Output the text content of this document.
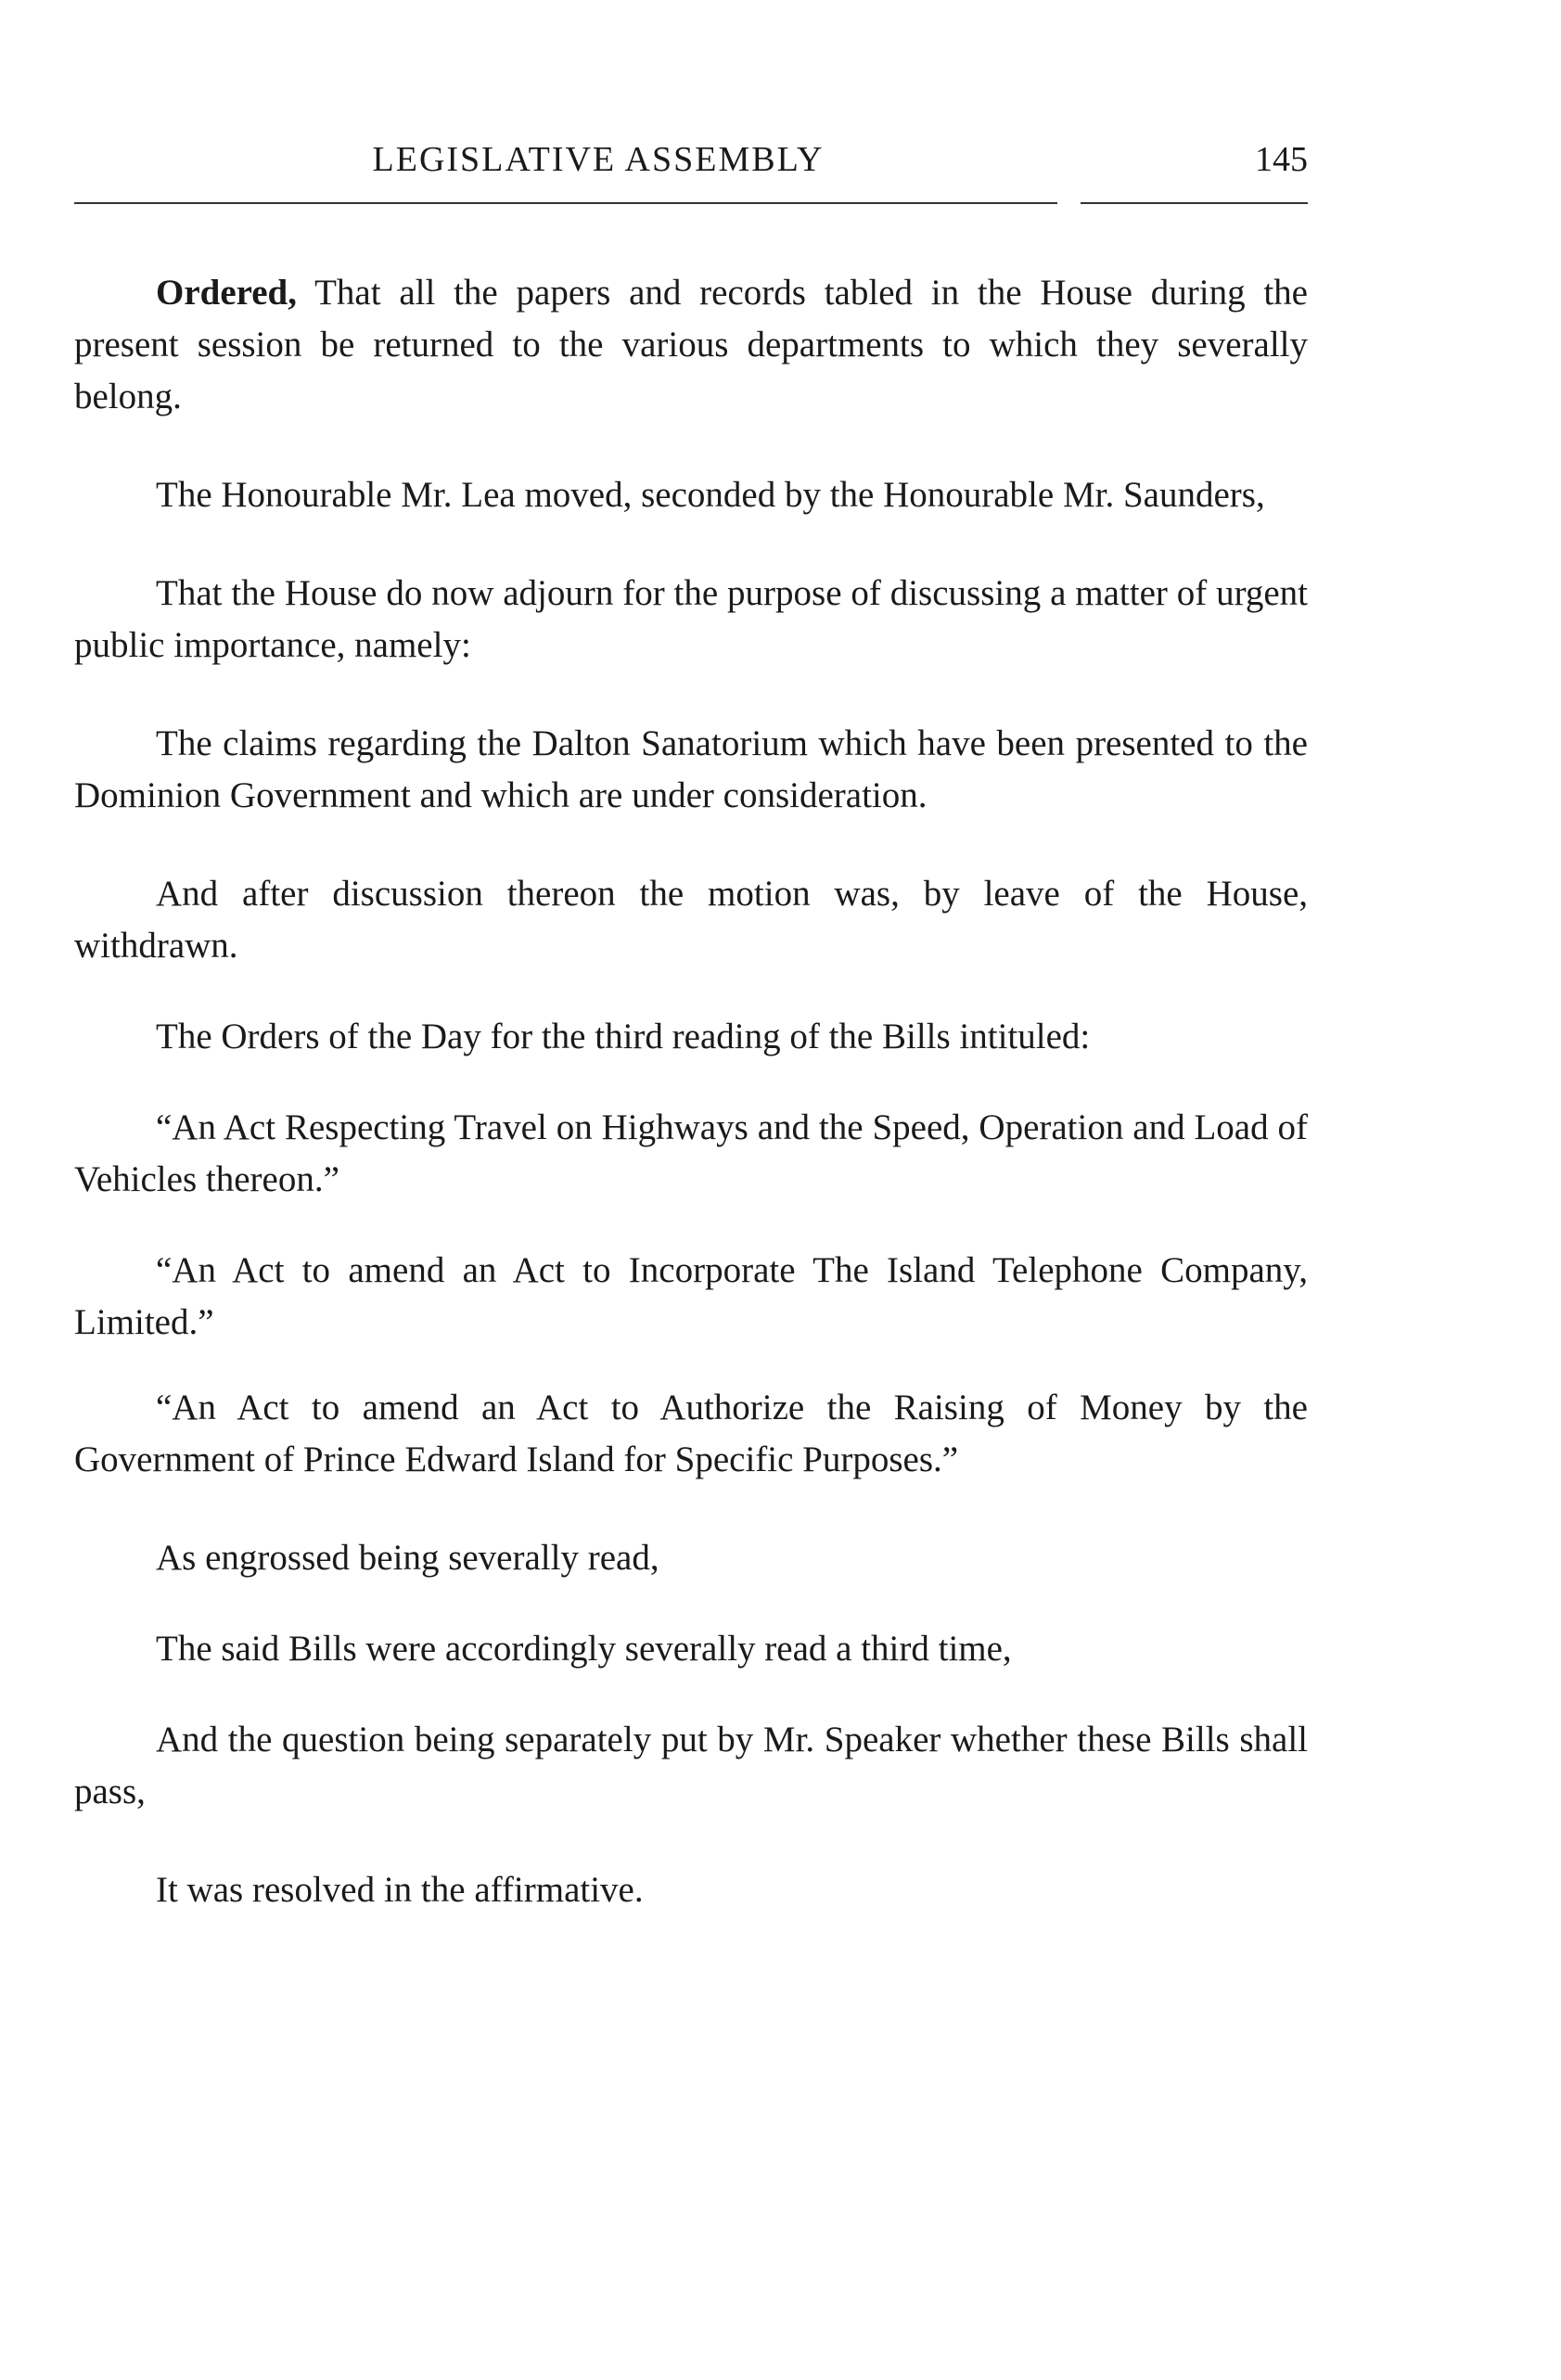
LEGISLATIVE ASSEMBLY	145

Ordered, That all the papers and records tabled in the House during the present session be returned to the various departments to which they severally belong.

The Honourable Mr. Lea moved, seconded by the Honourable Mr. Saunders,

That the House do now adjourn for the purpose of discussing a matter of urgent public importance, namely:

The claims regarding the Dalton Sanatorium which have been presented to the Dominion Government and which are under consideration.

And after discussion thereon the motion was, by leave of the House, withdrawn.

The Orders of the Day for the third reading of the Bills intituled:

“An Act Respecting Travel on Highways and the Speed, Operation and Load of Vehicles thereon.”

“An Act to amend an Act to Incorporate The Island Telephone Company, Limited.”

“An Act to amend an Act to Authorize the Raising of Money by the Government of Prince Edward Island for Specific Purposes.”

As engrossed being severally read,

The said Bills were accordingly severally read a third time,

And the question being separately put by Mr. Speaker whether these Bills shall pass,

It was resolved in the affirmative.
